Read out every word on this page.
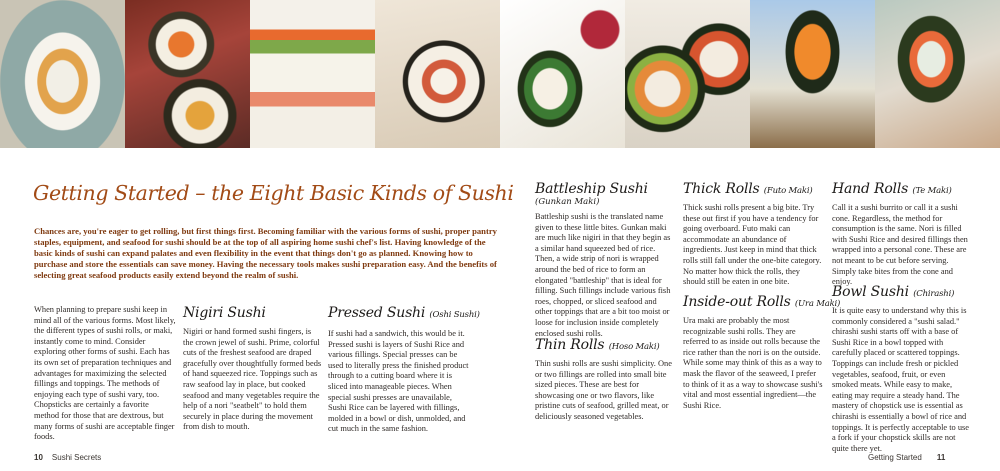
Getting Started – the Eight Basic Kinds of Sushi
Chances are, you're eager to get rolling, but first things first. Becoming familiar with the various forms of sushi, proper pantry staples, equipment, and seafood for sushi should be at the top of all aspiring home sushi chef's list. Having knowledge of the basic kinds of sushi can expand palates and even flexibility in the event that things don't go as planned. Knowing how to purchase and store the essentials can save money. Having the necessary tools makes sushi preparation easy. And the benefits of selecting great seafood products easily extend beyond the realm of sushi.

When planning to prepare sushi keep in mind all of the various forms. Most likely, the different types of sushi rolls, or maki, instantly come to mind. Consider exploring other forms of sushi. Each has its own set of preparation techniques and advantages for maximizing the selected fillings and toppings. The methods of enjoying each type of sushi vary, too. Chopsticks are certainly a favorite method for those that are dextrous, but many forms of sushi are acceptable finger foods.

Nigiri Sushi

Nigiri or hand formed sushi fingers, is the crown jewel of sushi. Prime, colorful cuts of the freshest seafood are draped gracefully over thoughtfully formed beds of hand squeezed rice. Toppings such as raw seafood lay in place, but cooked seafood and many vegetables require the help of a nori "seatbelt" to hold them securely in place during the movement from dish to mouth.

Pressed Sushi (Oshi Sushi)

If sushi had a sandwich, this would be it. Pressed sushi is layers of Sushi Rice and various fillings. Special presses can be used to literally press the finished product through to a cutting board where it is sliced into manageable pieces. When special sushi presses are unavailable, Sushi Rice can be layered with fillings, molded in a bowl or dish, unmolded, and cut much in the same fashion.

Battleship Sushi
(Gunkan Maki)

Battleship sushi is the translated name given to these little bites. Gunkan maki are much like nigiri in that they begin as a similar hand squeezed bed of rice. Then, a wide strip of nori is wrapped around the bed of rice to form an elongated "battleship" that is ideal for filling. Such fillings include various fish roes, chopped, or sliced seafood and other toppings that are a bit too moist or loose for inclusion inside completely enclosed sushi rolls.

Thin Rolls (Hoso Maki)

Thin sushi rolls are sushi simplicity. One or two fillings are rolled into small bite sized pieces. These are best for showcasing one or two flavors, like pristine cuts of seafood, grilled meat, or deliciously seasoned vegetables.

Thick Rolls (Futo Maki)

Thick sushi rolls present a big bite. Try these out first if you have a tendency for going overboard. Futo maki can accommodate an abundance of ingredients. Just keep in mind that thick rolls still fall under the one-bite category. No matter how thick the rolls, they should still be eaten in one bite.

Inside-out Rolls (Ura Maki)

Ura maki are probably the most recognizable sushi rolls. They are referred to as inside out rolls because the rice rather than the nori is on the outside. While some may think of this as a way to mask the flavor of the seaweed, I prefer to think of it as a way to showcase sushi's vital and most essential ingredient—the Sushi Rice.

Hand Rolls (Te Maki)

Call it a sushi burrito or call it a sushi cone. Regardless, the method for consumption is the same. Nori is filled with Sushi Rice and desired fillings then wrapped into a personal cone. These are not meant to be cut before serving. Simply take bites from the cone and enjoy.

Bowl Sushi (Chirashi)

It is quite easy to understand why this is commonly considered a "sushi salad." chirashi sushi starts off with a base of Sushi Rice in a bowl topped with carefully placed or scattered toppings. Toppings can include fresh or pickled vegetables, seafood, fruit, or even smoked meats. While easy to make, eating may require a steady hand. The mastery of chopstick use is essential as chirashi is essentially a bowl of rice and toppings. It is perfectly acceptable to use a fork if your chopstick skills are not quite there yet.

10 Sushi Secrets	Getting Started 11
